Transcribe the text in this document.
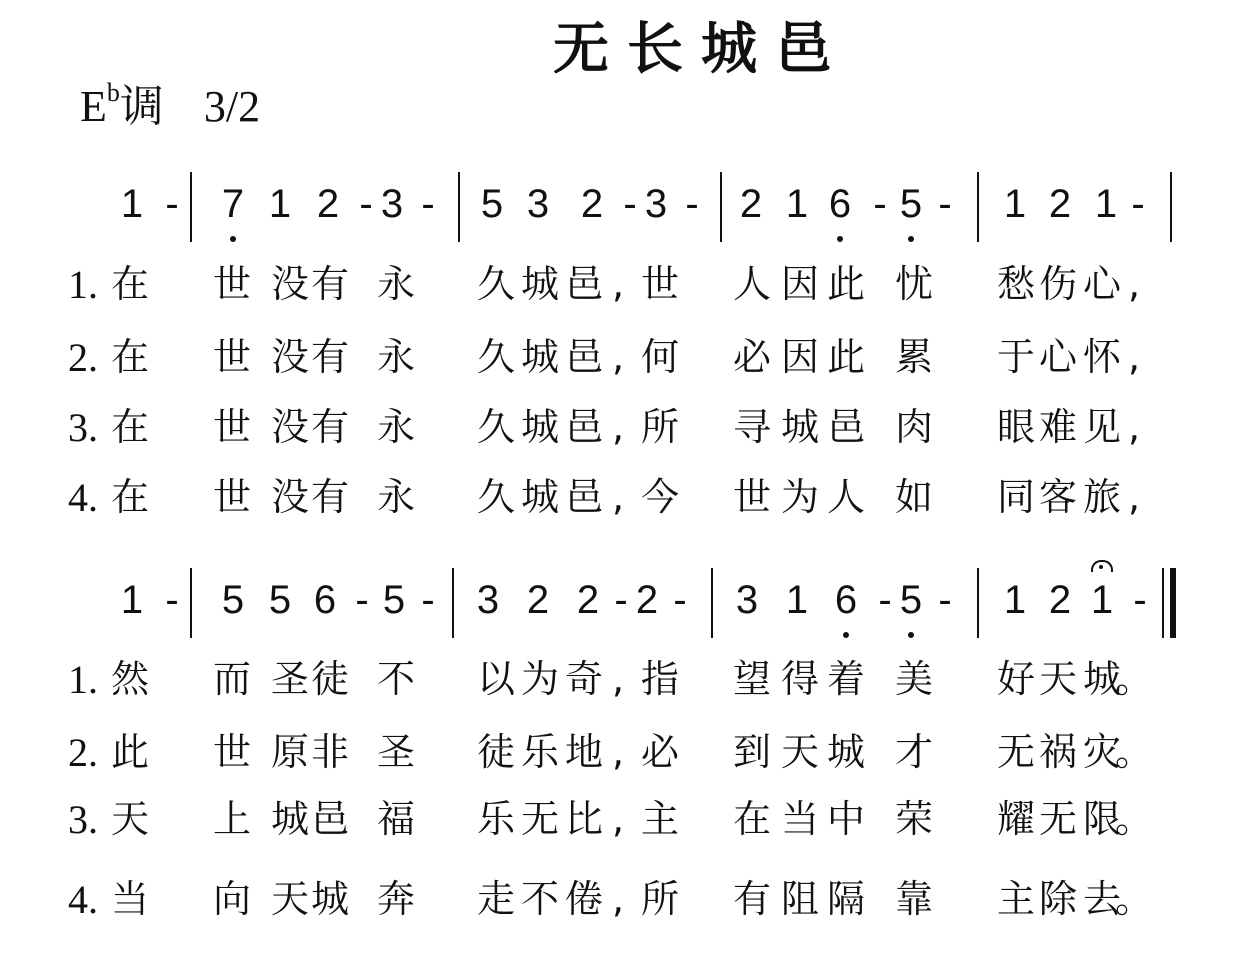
无长城邑
$E^b$调 3/2
1 - 7 1 2 - 3 - 5 3 2 - 3 - 2 1 6 - 5 - 1 2 1 -
1. 在 世 没 有 永 久 城 邑 , 世 人 因 此 忧 愁 伤 心 ,
2. 在 世 没 有 永 久 城 邑 , 何 必 因 此 累 于 心 怀 ,
3. 在 世 没 有 永 久 城 邑 , 所 寻 城 邑 肉 眼 难 见 ,
4. 在 世 没 有 永 久 城 邑 , 今 世 为 人 如 同 客 旅 ,
1 - 5 5 6 - 5 - 3 2 2 - 2 - 3 1 6 - 5 - 1 2 1 -
1. 然 而 圣 徒 不 以 为 奇 , 指 望 得 着 美 好 天 城
。
2. 此 世 原 非 圣 徒 乐 地 , 必 到 天 城 才 无 祸 灾
。
3. 天 上 城 邑 福 乐 无 比 , 主 在 当 中 荣 耀 无 限
。
4. 当 向 天 城 奔 走 不 倦 , 所 有 阻 隔 靠 主 除 去
。
